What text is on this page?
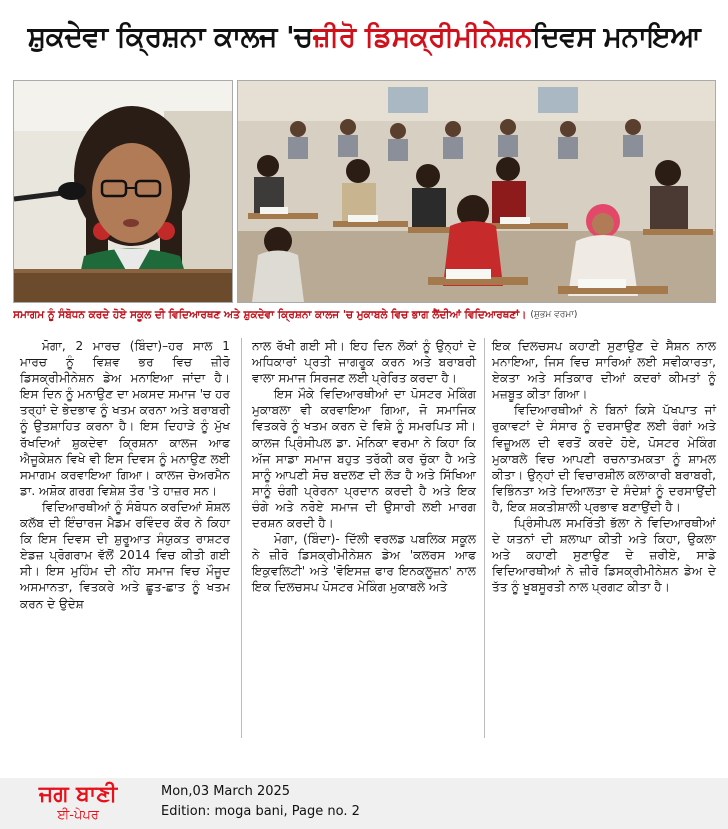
ਸ਼ੁਕਦੇਵਾ ਕ੍ਰਿਸ਼ਨਾ ਕਾਲਜ 'ਚ ਜ਼ੀਰੋ ਡਿਸਕ੍ਰੀਮੀਨੇਸ਼ਨ ਦਿਵਸ ਮਨਾਇਆ
ਸਮਾਗਮ ਨੂੰ ਸੰਬੋਧਨ ਕਰਦੇ ਹੋਏ ਸਕੂਲ ਦੀ ਵਿਦਿਆਰਥਣ ਅਤੇ ਸ਼ੁਕਦੇਵਾ ਕ੍ਰਿਸ਼ਨਾ ਕਾਲਜ 'ਚ ਮੁਕਾਬਲੇ ਵਿਚ ਭਾਗ ਲੈਂਦੀਆਂ ਵਿਦਿਆਰਥਣਾਂ। (ਸ਼ੁਭਮ ਵਰਮਾ)

ਮੋਗਾ, 2 ਮਾਰਚ (ਬਿੰਦਾ)–ਹਰ ਸਾਲ 1 ਮਾਰਚ ਨੂੰ ਵਿਸ਼ਵ ਭਰ ਵਿਚ ਜ਼ੀਰੋ ਡਿਸਕ੍ਰੀਮੀਨੇਸ਼ਨ ਡੇਅ ਮਨਾਇਆ ਜਾਂਦਾ ਹੈ। ਇਸ ਦਿਨ ਨੂੰ ਮਨਾਉਣ ਦਾ ਮਕਸਦ ਸਮਾਜ 'ਚ ਹਰ ਤਰ੍ਹਾਂ ਦੇ ਭੇਦਭਾਵ ਨੂੰ ਖਤਮ ਕਰਨਾ ਅਤੇ ਬਰਾਬਰੀ ਨੂੰ ਉਤਸ਼ਾਹਿਤ ਕਰਨਾ ਹੈ। ਇਸ ਦਿਹਾੜੇ ਨੂੰ ਮੁੱਖ ਰੱਖਦਿਆਂ ਸ਼ੁਕਦੇਵਾ ਕ੍ਰਿਸ਼ਨਾ ਕਾਲਜ ਆਫ ਐਜੂਕੇਸ਼ਨ ਵਿਖੇ ਵੀ ਇਸ ਦਿਵਸ ਨੂੰ ਮਨਾਉਣ ਲਈ ਸਮਾਗਮ ਕਰਵਾਇਆ ਗਿਆ। ਕਾਲਜ ਚੇਅਰਮੈਨ ਡਾ. ਅਸ਼ੋਕ ਗਰਗ ਵਿਸ਼ੇਸ਼ ਤੌਰ 'ਤੇ ਹਾਜ਼ਰ ਸਨ।

ਵਿਦਿਆਰਥੀਆਂ ਨੂੰ ਸੰਬੋਧਨ ਕਰਦਿਆਂ ਸ਼ੋਸ਼ਲ ਕਲੱਬ ਦੀ ਇੰਚਾਰਜ ਮੈਡਮ ਰਵਿੰਦਰ ਕੌਰ ਨੇ ਕਿਹਾ ਕਿ ਇਸ ਦਿਵਸ ਦੀ ਸ਼ੁਰੂਆਤ ਸੰਯੁਕਤ ਰਾਸ਼ਟਰ ਏਡਜ਼ ਪ੍ਰੋਗਰਾਮ ਵੱਲੋਂ 2014 ਵਿਚ ਕੀਤੀ ਗਈ ਸੀ। ਇਸ ਮੁਹਿੰਮ ਦੀ ਨੀਂਹ ਸਮਾਜ ਵਿਚ ਮੌਜੂਦ ਅਸਮਾਨਤਾ, ਵਿਤਕਰੇ ਅਤੇ ਛੂਤ-ਛਾਤ ਨੂੰ ਖਤਮ ਕਰਨ ਦੇ ਉਦੇਸ਼

ਨਾਲ ਰੱਖੀ ਗਈ ਸੀ। ਇਹ ਦਿਨ ਲੋਕਾਂ ਨੂੰ ਉਨ੍ਹਾਂ ਦੇ ਅਧਿਕਾਰਾਂ ਪ੍ਰਤੀ ਜਾਗਰੂਕ ਕਰਨ ਅਤੇ ਬਰਾਬਰੀ ਵਾਲਾ ਸਮਾਜ ਸਿਰਜਣ ਲਈ ਪ੍ਰੇਰਿਤ ਕਰਦਾ ਹੈ।

ਇਸ ਮੌਕੇ ਵਿਦਿਆਰਥੀਆਂ ਦਾ ਪੋਸਟਰ ਮੇਕਿੰਗ ਮੁਕਾਬਲਾ ਵੀ ਕਰਵਾਇਆ ਗਿਆ, ਜੋ ਸਮਾਜਿਕ ਵਿਤਕਰੇ ਨੂੰ ਖਤਮ ਕਰਨ ਦੇ ਵਿਸ਼ੇ ਨੂੰ ਸਮਰਪਿਤ ਸੀ। ਕਾਲਜ ਪ੍ਰਿੰਸੀਪਲ ਡਾ. ਮੋਨਿਕਾ ਵਰਮਾ ਨੇ ਕਿਹਾ ਕਿ ਅੱਜ ਸਾਡਾ ਸਮਾਜ ਬਹੁਤ ਤਰੱਕੀ ਕਰ ਚੁੱਕਾ ਹੈ ਅਤੇ ਸਾਨੂੰ ਆਪਣੀ ਸੋਚ ਬਦਲਣ ਦੀ ਲੋੜ ਹੈ ਅਤੇ ਸਿੱਖਿਆ ਸਾਨੂੰ ਚੰਗੀ ਪ੍ਰੇਰਨਾ ਪ੍ਰਦਾਨ ਕਰਦੀ ਹੈ ਅਤੇ ਇਕ ਚੰਗੇ ਅਤੇ ਨਰੋਏ ਸਮਾਜ ਦੀ ਉਸਾਰੀ ਲਈ ਮਾਰਗ ਦਰਸ਼ਨ ਕਰਦੀ ਹੈ।

ਮੋਗਾ, (ਬਿੰਦਾ)- ਦਿੱਲੀ ਵਰਲਡ ਪਬਲਿਕ ਸਕੂਲ ਨੇ ਜ਼ੀਰੋ ਡਿਸਕ੍ਰੀਮੀਨੇਸ਼ਨ ਡੇਅ 'ਕਲਰਸ ਆਫ ਇਕੁਵਲਿਟੀ' ਅਤੇ 'ਵੋਇਸਜ਼ ਫਾਰ ਇਨਕਲੂਜ਼ਨ' ਨਾਲ ਇਕ ਦਿਲਚਸਪ ਪੋਸਟਰ ਮੇਕਿੰਗ ਮੁਕਾਬਲੇ ਅਤੇ

ਇਕ ਦਿਲਚਸਪ ਕਹਾਣੀ ਸੁਣਾਉਣ ਦੇ ਸੈਸ਼ਨ ਨਾਲ ਮਨਾਇਆ, ਜਿਸ ਵਿਚ ਸਾਰਿਆਂ ਲਈ ਸਵੀਕਾਰਤਾ, ਏਕਤਾ ਅਤੇ ਸਤਿਕਾਰ ਦੀਆਂ ਕਦਰਾਂ ਕੀਮਤਾਂ ਨੂੰ ਮਜ਼ਬੂਤ ਕੀਤਾ ਗਿਆ।

ਵਿਦਿਆਰਥੀਆਂ ਨੇ ਬਿਨਾਂ ਕਿਸੇ ਪੱਖਪਾਤ ਜਾਂ ਰੁਕਾਵਟਾਂ ਦੇ ਸੰਸਾਰ ਨੂੰ ਦਰਸਾਉਣ ਲਈ ਰੰਗਾਂ ਅਤੇ ਵਿਜ਼ੂਅਲ ਦੀ ਵਰਤੋਂ ਕਰਦੇ ਹੋਏ, ਪੋਸਟਰ ਮੇਕਿੰਗ ਮੁਕਾਬਲੇ ਵਿਚ ਆਪਣੀ ਰਚਨਾਤਮਕਤਾ ਨੂੰ ਸ਼ਾਮਲ ਕੀਤਾ। ਉਨ੍ਹਾਂ ਦੀ ਵਿਚਾਰਸ਼ੀਲ ਕਲਾਕਾਰੀ ਬਰਾਬਰੀ, ਵਿਭਿੰਨਤਾ ਅਤੇ ਦਿਆਲਤਾ ਦੇ ਸੰਦੇਸ਼ਾਂ ਨੂੰ ਦਰਸਾਉਂਦੀ ਹੈ, ਇਕ ਸ਼ਕਤੀਸ਼ਾਲੀ ਪ੍ਰਭਾਵ ਬਣਾਉਂਦੀ ਹੈ।

ਪ੍ਰਿੰਸੀਪਲ ਸਮਰਿੱਤੀ ਭੱਲਾ ਨੇ ਵਿਦਿਆਰਥੀਆਂ ਦੇ ਯਤਨਾਂ ਦੀ ਸ਼ਲਾਘਾ ਕੀਤੀ ਅਤੇ ਕਿਹਾ, ਉਕਲਾ ਅਤੇ ਕਹਾਣੀ ਸੁਣਾਉਣ ਦੇ ਜ਼ਰੀਏ, ਸਾਡੇ ਵਿਦਿਆਰਥੀਆਂ ਨੇ ਜ਼ੀਰੋ ਡਿਸਕ੍ਰੀਮੀਨੇਸ਼ਨ ਡੇਅ ਦੇ ਤੱਤ ਨੂੰ ਖੂਬਸੂਰਤੀ ਨਾਲ ਪ੍ਰਗਟ ਕੀਤਾ ਹੈ।

ਜਗ ਬਾਣੀ
ਈ-ਪੇਪਰ
Mon,03 March 2025
Edition: moga bani, Page no. 2
